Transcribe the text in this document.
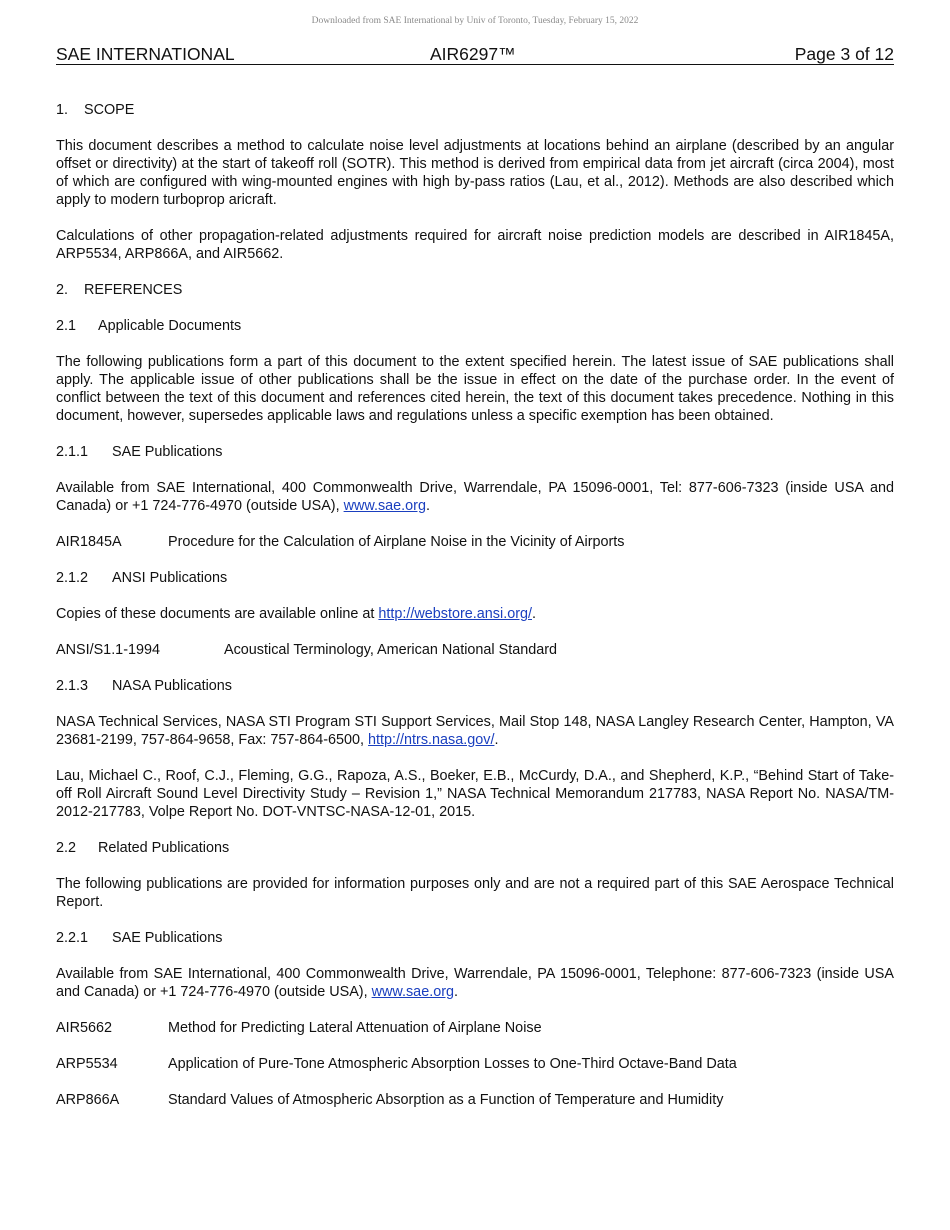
Downloaded from SAE International by Univ of Toronto, Tuesday, February 15, 2022
SAE INTERNATIONAL	AIR6297™	Page 3 of 12

1. SCOPE

This document describes a method to calculate noise level adjustments at locations behind an airplane (described by an angular offset or directivity) at the start of takeoff roll (SOTR). This method is derived from empirical data from jet aircraft (circa 2004), most of which are configured with wing-mounted engines with high by-pass ratios (Lau, et al., 2012). Methods are also described which apply to modern turboprop aricraft.

Calculations of other propagation-related adjustments required for aircraft noise prediction models are described in AIR1845A, ARP5534, ARP866A, and AIR5662.

2. REFERENCES

2.1 Applicable Documents

The following publications form a part of this document to the extent specified herein. The latest issue of SAE publications shall apply. The applicable issue of other publications shall be the issue in effect on the date of the purchase order. In the event of conflict between the text of this document and references cited herein, the text of this document takes precedence. Nothing in this document, however, supersedes applicable laws and regulations unless a specific exemption has been obtained.

2.1.1 SAE Publications

Available from SAE International, 400 Commonwealth Drive, Warrendale, PA 15096-0001, Tel: 877-606-7323 (inside USA and Canada) or +1 724-776-4970 (outside USA), www.sae.org.

AIR1845A	Procedure for the Calculation of Airplane Noise in the Vicinity of Airports

2.1.2 ANSI Publications

Copies of these documents are available online at http://webstore.ansi.org/.

ANSI/S1.1-1994	Acoustical Terminology, American National Standard

2.1.3 NASA Publications

NASA Technical Services, NASA STI Program STI Support Services, Mail Stop 148, NASA Langley Research Center, Hampton, VA 23681-2199, 757-864-9658, Fax: 757-864-6500, http://ntrs.nasa.gov/.

Lau, Michael C., Roof, C.J., Fleming, G.G., Rapoza, A.S., Boeker, E.B., McCurdy, D.A., and Shepherd, K.P., “Behind Start of Take-off Roll Aircraft Sound Level Directivity Study – Revision 1,” NASA Technical Memorandum 217783, NASA Report No. NASA/TM-2012-217783, Volpe Report No. DOT-VNTSC-NASA-12-01, 2015.

2.2 Related Publications

The following publications are provided for information purposes only and are not a required part of this SAE Aerospace Technical Report.

2.2.1 SAE Publications

Available from SAE International, 400 Commonwealth Drive, Warrendale, PA 15096-0001, Telephone: 877-606-7323 (inside USA and Canada) or +1 724-776-4970 (outside USA), www.sae.org.

AIR5662	Method for Predicting Lateral Attenuation of Airplane Noise

ARP5534	Application of Pure-Tone Atmospheric Absorption Losses to One-Third Octave-Band Data

ARP866A	Standard Values of Atmospheric Absorption as a Function of Temperature and Humidity
